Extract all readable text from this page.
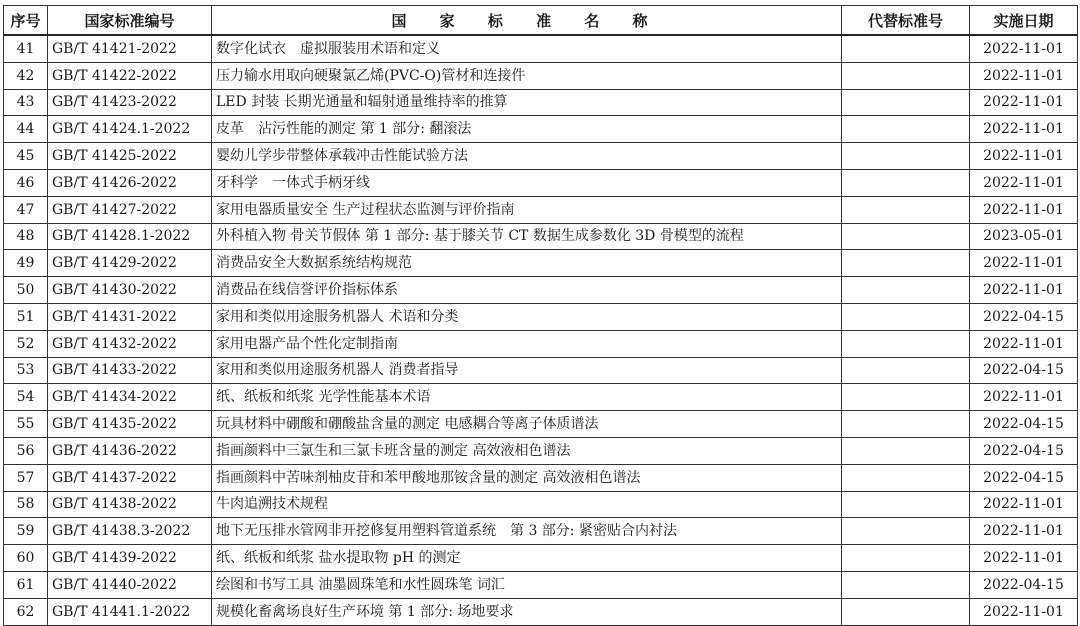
序号	国家标准编号	国 家 标 准 名 称	代替标准号	实施日期
41	GB/T 41421-2022	数字化试衣　虚拟服装用术语和定义		2022-11-01
42	GB/T 41422-2022	压力输水用取向硬聚氯乙烯(PVC-O)管材和连接件		2022-11-01
43	GB/T 41423-2022	LED 封装 长期光通量和辐射通量维持率的推算		2022-11-01
44	GB/T 41424.1-2022	皮革　沾污性能的测定 第 1 部分: 翻滚法		2022-11-01
45	GB/T 41425-2022	婴幼儿学步带整体承载冲击性能试验方法		2022-11-01
46	GB/T 41426-2022	牙科学　一体式手柄牙线		2022-11-01
47	GB/T 41427-2022	家用电器质量安全 生产过程状态监测与评价指南		2022-11-01
48	GB/T 41428.1-2022	外科植入物 骨关节假体 第 1 部分: 基于膝关节 CT 数据生成参数化 3D 骨模型的流程		2023-05-01
49	GB/T 41429-2022	消费品安全大数据系统结构规范		2022-11-01
50	GB/T 41430-2022	消费品在线信誉评价指标体系		2022-11-01
51	GB/T 41431-2022	家用和类似用途服务机器人 术语和分类		2022-04-15
52	GB/T 41432-2022	家用电器产品个性化定制指南		2022-11-01
53	GB/T 41433-2022	家用和类似用途服务机器人 消费者指导		2022-04-15
54	GB/T 41434-2022	纸、纸板和纸浆 光学性能基本术语		2022-11-01
55	GB/T 41435-2022	玩具材料中硼酸和硼酸盐含量的测定 电感耦合等离子体质谱法		2022-04-15
56	GB/T 41436-2022	指画颜料中三氯生和三氯卡班含量的测定 高效液相色谱法		2022-04-15
57	GB/T 41437-2022	指画颜料中苦味剂柚皮苷和苯甲酸地那铵含量的测定 高效液相色谱法		2022-04-15
58	GB/T 41438-2022	牛肉追溯技术规程		2022-11-01
59	GB/T 41438.3-2022	地下无压排水管网非开挖修复用塑料管道系统　第 3 部分: 紧密贴合内衬法		2022-11-01
60	GB/T 41439-2022	纸、纸板和纸浆 盐水提取物 pH 的测定		2022-11-01
61	GB/T 41440-2022	绘图和书写工具 油墨圆珠笔和水性圆珠笔 词汇		2022-04-15
62	GB/T 41441.1-2022	规模化畜禽场良好生产环境 第 1 部分: 场地要求		2022-11-01
